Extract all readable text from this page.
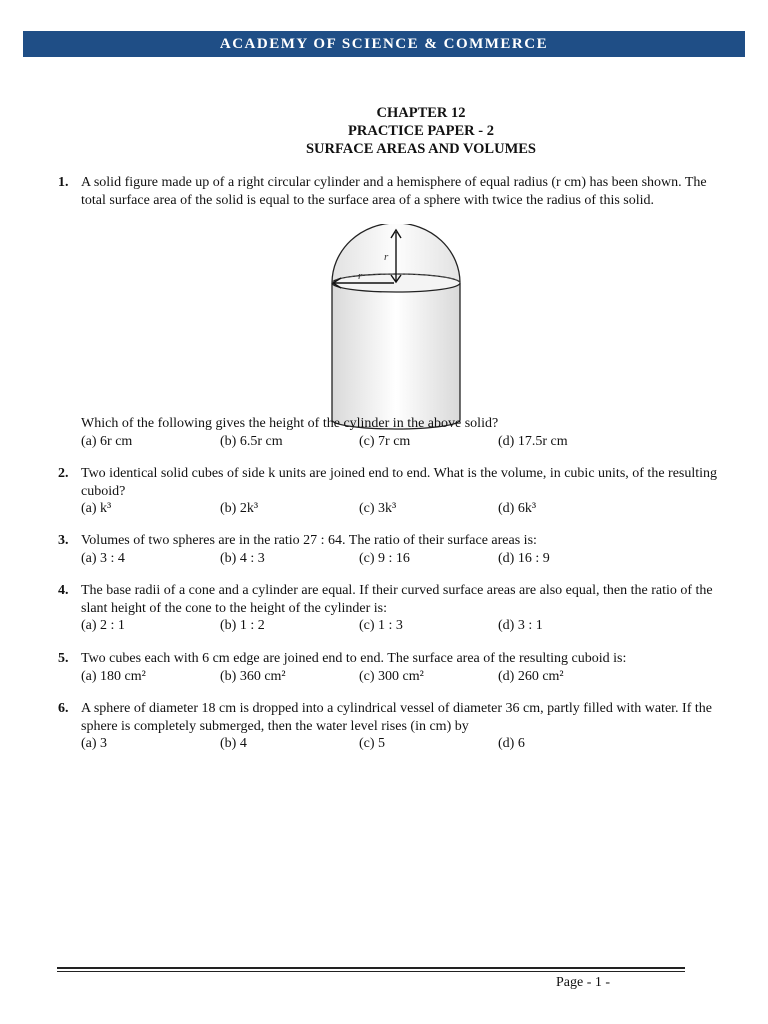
ACADEMY OF SCIENCE & COMMERCE
CHAPTER 12
PRACTICE PAPER - 2
SURFACE AREAS AND VOLUMES
1. A solid figure made up of a right circular cylinder and a hemisphere of equal radius (r cm) has been shown. The total surface area of the solid is equal to the surface area of a sphere with twice the radius of this solid.
r
r
Which of the following gives the height of the cylinder in the above solid?
(a) 6r cm	(b) 6.5r cm	(c) 7r cm	(d) 17.5r cm
2. Two identical solid cubes of side k units are joined end to end. What is the volume, in cubic units, of the resulting cuboid?
(a) k³	(b) 2k³	(c) 3k³	(d) 6k³
3. Volumes of two spheres are in the ratio 27 : 64. The ratio of their surface areas is:
(a) 3 : 4	(b) 4 : 3	(c) 9 : 16	(d) 16 : 9
4. The base radii of a cone and a cylinder are equal. If their curved surface areas are also equal, then the ratio of the slant height of the cone to the height of the cylinder is:
(a) 2 : 1	(b) 1 : 2	(c) 1 : 3	(d) 3 : 1
5. Two cubes each with 6 cm edge are joined end to end. The surface area of the resulting cuboid is:
(a) 180 cm²	(b) 360 cm²	(c) 300 cm²	(d) 260 cm²
6. A sphere of diameter 18 cm is dropped into a cylindrical vessel of diameter 36 cm, partly filled with water. If the sphere is completely submerged, then the water level rises (in cm) by
(a) 3	(b) 4	(c) 5	(d) 6
Page - 1 -
